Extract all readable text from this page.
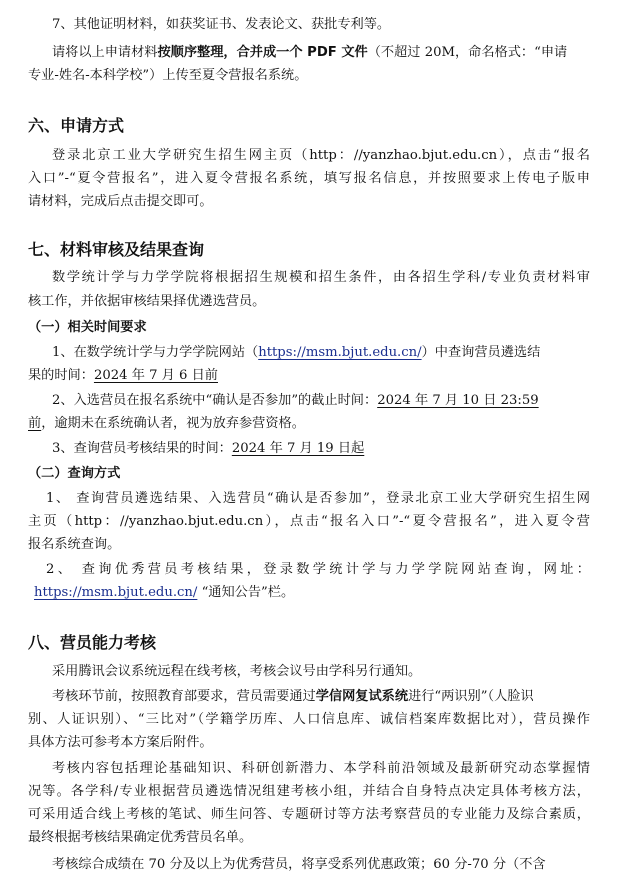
7、其他证明材料，如获奖证书、发表论文、获批专利等。
请将以上申请材料按顺序整理，合并成一个 PDF 文件（不超过 20M，命名格式：“申请
专业-姓名-本科学校”）上传至夏令营报名系统。
六、申请方式
登录北京工业大学研究生招生网主页（http：//yanzhao.bjut.edu.cn），点击“报名
入口”-“夏令营报名”，进入夏令营报名系统，填写报名信息，并按照要求上传电子版申
请材料，完成后点击提交即可。
七、材料审核及结果查询
数学统计学与力学学院将根据招生规模和招生条件，由各招生学科/专业负责材料审
核工作，并依据审核结果择优遴选营员。
（一）相关时间要求
1、在数学统计学与力学学院网站（https://msm.bjut.edu.cn/）中查询营员遴选结
果的时间：2024 年 7 月 6 日前
2、入选营员在报名系统中“确认是否参加”的截止时间：2024 年 7 月 10 日 23:59
前，逾期未在系统确认者，视为放弃参营资格。
3、查询营员考核结果的时间：2024 年 7 月 19 日起
（二）查询方式
1、 查询营员遴选结果、入选营员“确认是否参加”，登录北京工业大学研究生招生网
主页（http：//yanzhao.bjut.edu.cn），点击“报名入口”-“夏令营报名”，进入夏令营
报名系统查询。
2、 查询优秀营员考核结果，登录数学统计学与力学学院网站查询，网址：
https://msm.bjut.edu.cn/ “通知公告”栏。
八、营员能力考核
采用腾讯会议系统远程在线考核，考核会议号由学科另行通知。
考核环节前，按照教育部要求，营员需要通过学信网复试系统进行“两识别”（人脸识
别、人证识别）、“三比对”（学籍学历库、人口信息库、诚信档案库数据比对），营员操作
具体方法可参考本方案后附件。
考核内容包括理论基础知识、科研创新潜力、本学科前沿领域及最新研究动态掌握情
况等。各学科/专业根据营员遴选情况组建考核小组，并结合自身特点决定具体考核方法，
可采用适合线上考核的笔试、师生问答、专题研讨等方法考察营员的专业能力及综合素质，
最终根据考核结果确定优秀营员名单。
考核综合成绩在 70 分及以上为优秀营员，将享受系列优惠政策；60 分-70 分（不含
